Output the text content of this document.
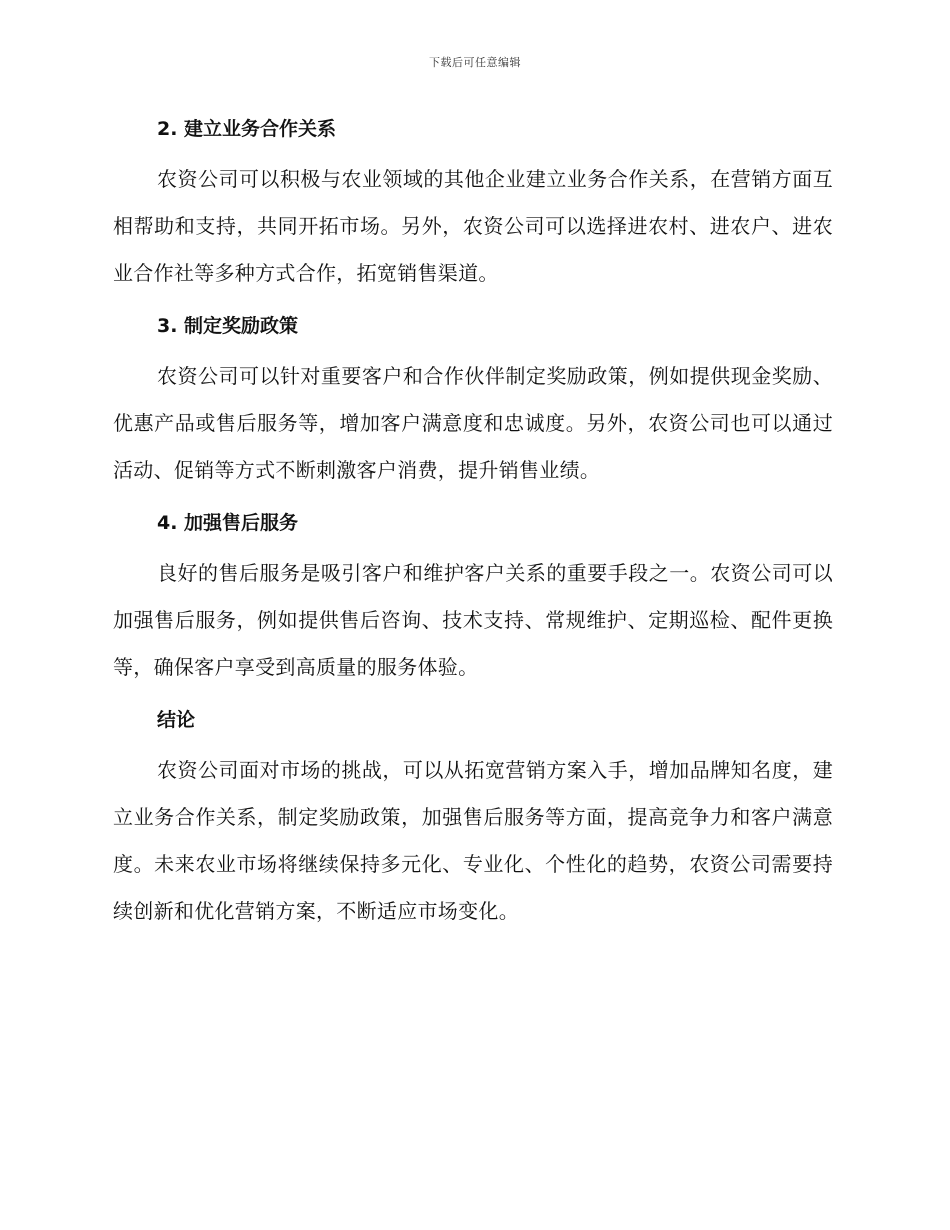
下载后可任意编辑
2. 建立业务合作关系

农资公司可以积极与农业领域的其他企业建立业务合作关系，在营销方面互相帮助和支持，共同开拓市场。另外，农资公司可以选择进农村、进农户、进农业合作社等多种方式合作，拓宽销售渠道。

3. 制定奖励政策

农资公司可以针对重要客户和合作伙伴制定奖励政策，例如提供现金奖励、优惠产品或售后服务等，增加客户满意度和忠诚度。另外，农资公司也可以通过活动、促销等方式不断刺激客户消费，提升销售业绩。

4. 加强售后服务

良好的售后服务是吸引客户和维护客户关系的重要手段之一。农资公司可以加强售后服务，例如提供售后咨询、技术支持、常规维护、定期巡检、配件更换等，确保客户享受到高质量的服务体验。

结论

农资公司面对市场的挑战，可以从拓宽营销方案入手，增加品牌知名度，建立业务合作关系，制定奖励政策，加强售后服务等方面，提高竞争力和客户满意度。未来农业市场将继续保持多元化、专业化、个性化的趋势，农资公司需要持续创新和优化营销方案，不断适应市场变化。
